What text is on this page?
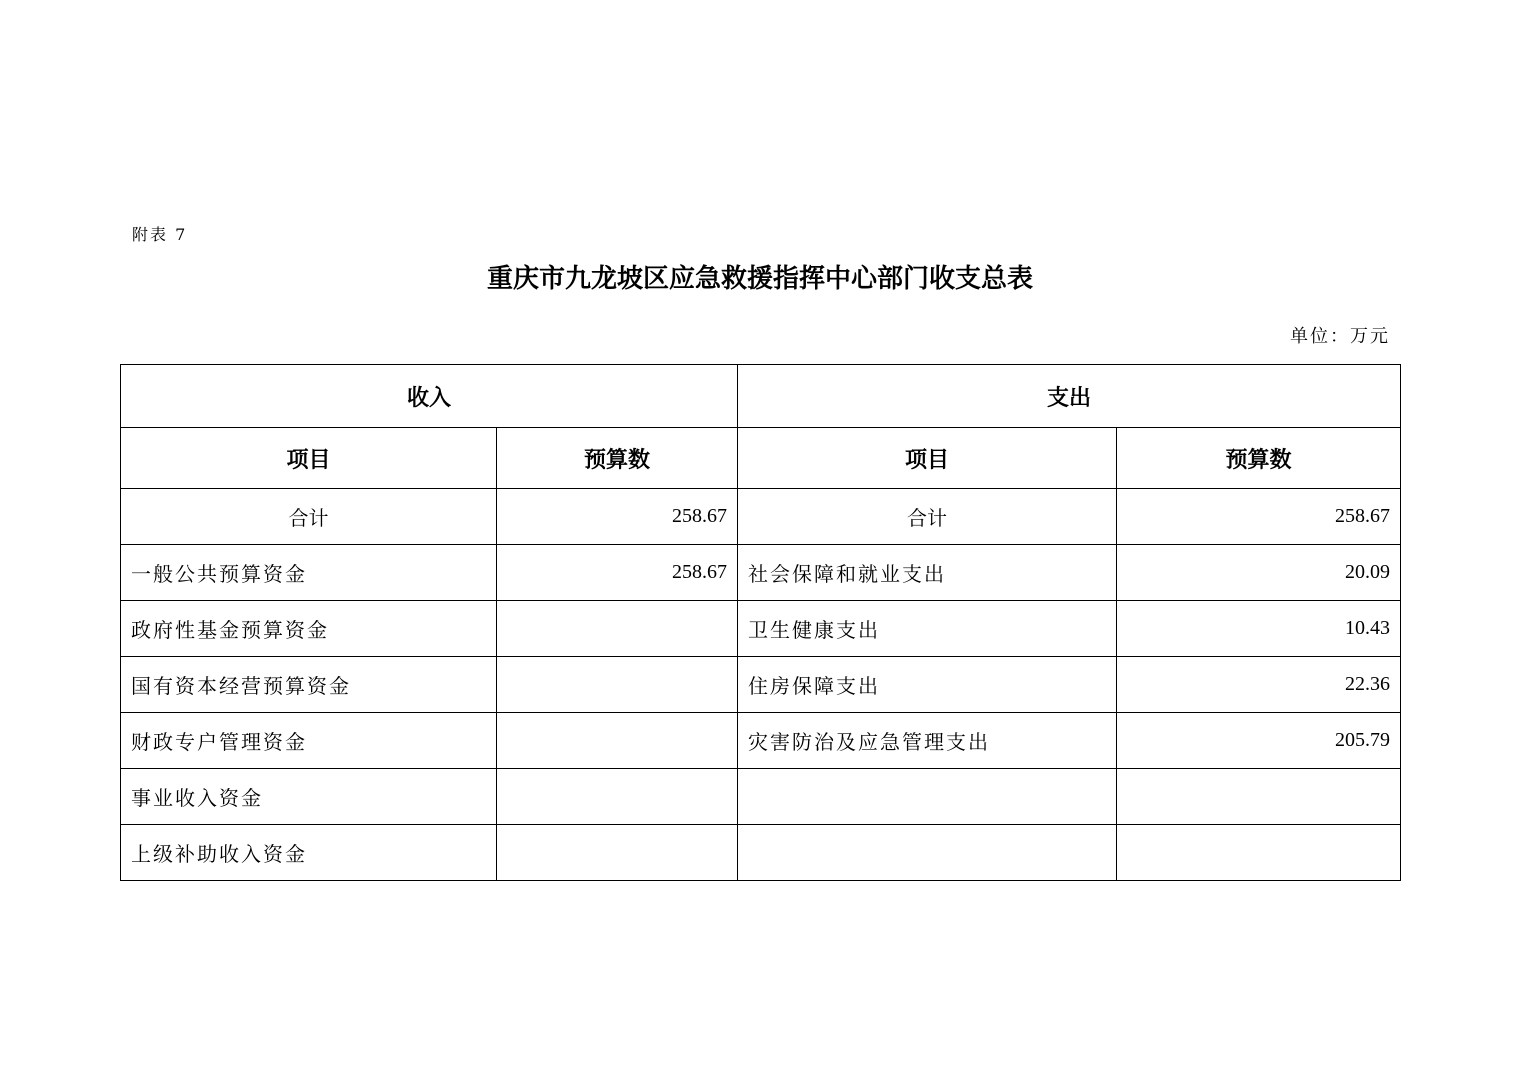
附表 7
重庆市九龙坡区应急救援指挥中心部门收支总表
单位：万元
收入		支出	
项目	预算数	项目	预算数
合计	258.67	合计	258.67
一般公共预算资金	258.67	社会保障和就业支出	20.09
政府性基金预算资金		卫生健康支出	10.43
国有资本经营预算资金		住房保障支出	22.36
财政专户管理资金		灾害防治及应急管理支出	205.79
事业收入资金			
上级补助收入资金			
